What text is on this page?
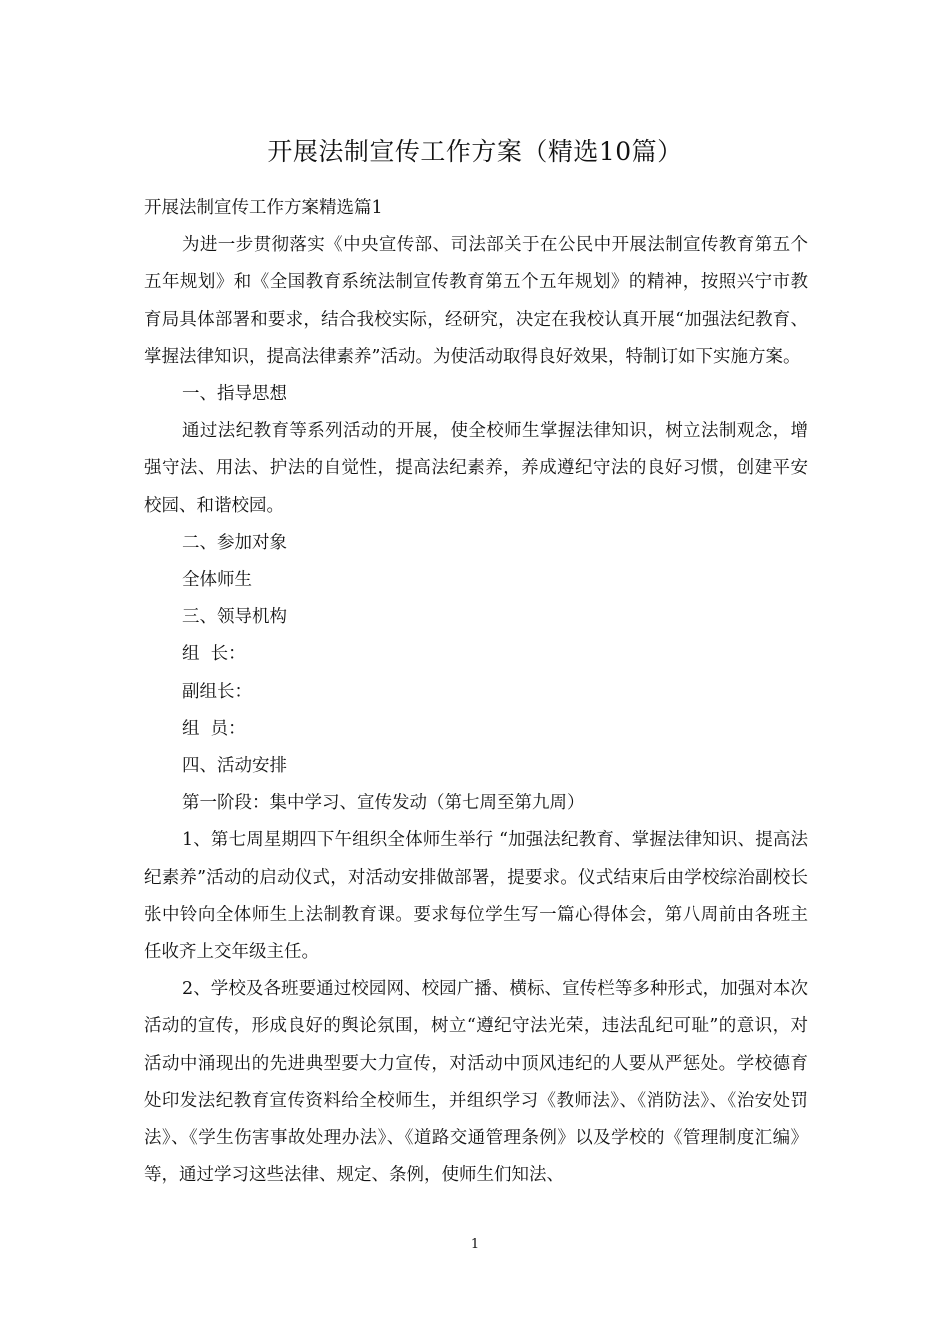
开展法制宣传工作方案（精选10篇）

开展法制宣传工作方案精选篇1

为进一步贯彻落实《中央宣传部、司法部关于在公民中开展法制宣传教育第五个五年规划》和《全国教育系统法制宣传教育第五个五年规划》的精神，按照兴宁市教育局具体部署和要求，结合我校实际，经研究，决定在我校认真开展“加强法纪教育、掌握法律知识，提高法律素养”活动。为使活动取得良好效果，特制订如下实施方案。

一、指导思想

通过法纪教育等系列活动的开展，使全校师生掌握法律知识，树立法制观念，增强守法、用法、护法的自觉性，提高法纪素养，养成遵纪守法的良好习惯，创建平安校园、和谐校园。

二、参加对象

全体师生

三、领导机构

组  长：

副组长：

组  员：

四、活动安排

第一阶段：集中学习、宣传发动（第七周至第九周）

1、第七周星期四下午组织全体师生举行 “加强法纪教育、掌握法律知识、提高法纪素养”活动的启动仪式，对活动安排做部署，提要求。仪式结束后由学校综治副校长张中铃向全体师生上法制教育课。要求每位学生写一篇心得体会，第八周前由各班主任收齐上交年级主任。

2、学校及各班要通过校园网、校园广播、横标、宣传栏等多种形式，加强对本次活动的宣传，形成良好的舆论氛围，树立“遵纪守法光荣，违法乱纪可耻”的意识，对活动中涌现出的先进典型要大力宣传，对活动中顶风违纪的人要从严惩处。学校德育处印发法纪教育宣传资料给全校师生，并组织学习《教师法》、《消防法》、《治安处罚法》、《学生伤害事故处理办法》、《道路交通管理条例》以及学校的《管理制度汇编》等，通过学习这些法律、规定、条例，使师生们知法、

1
